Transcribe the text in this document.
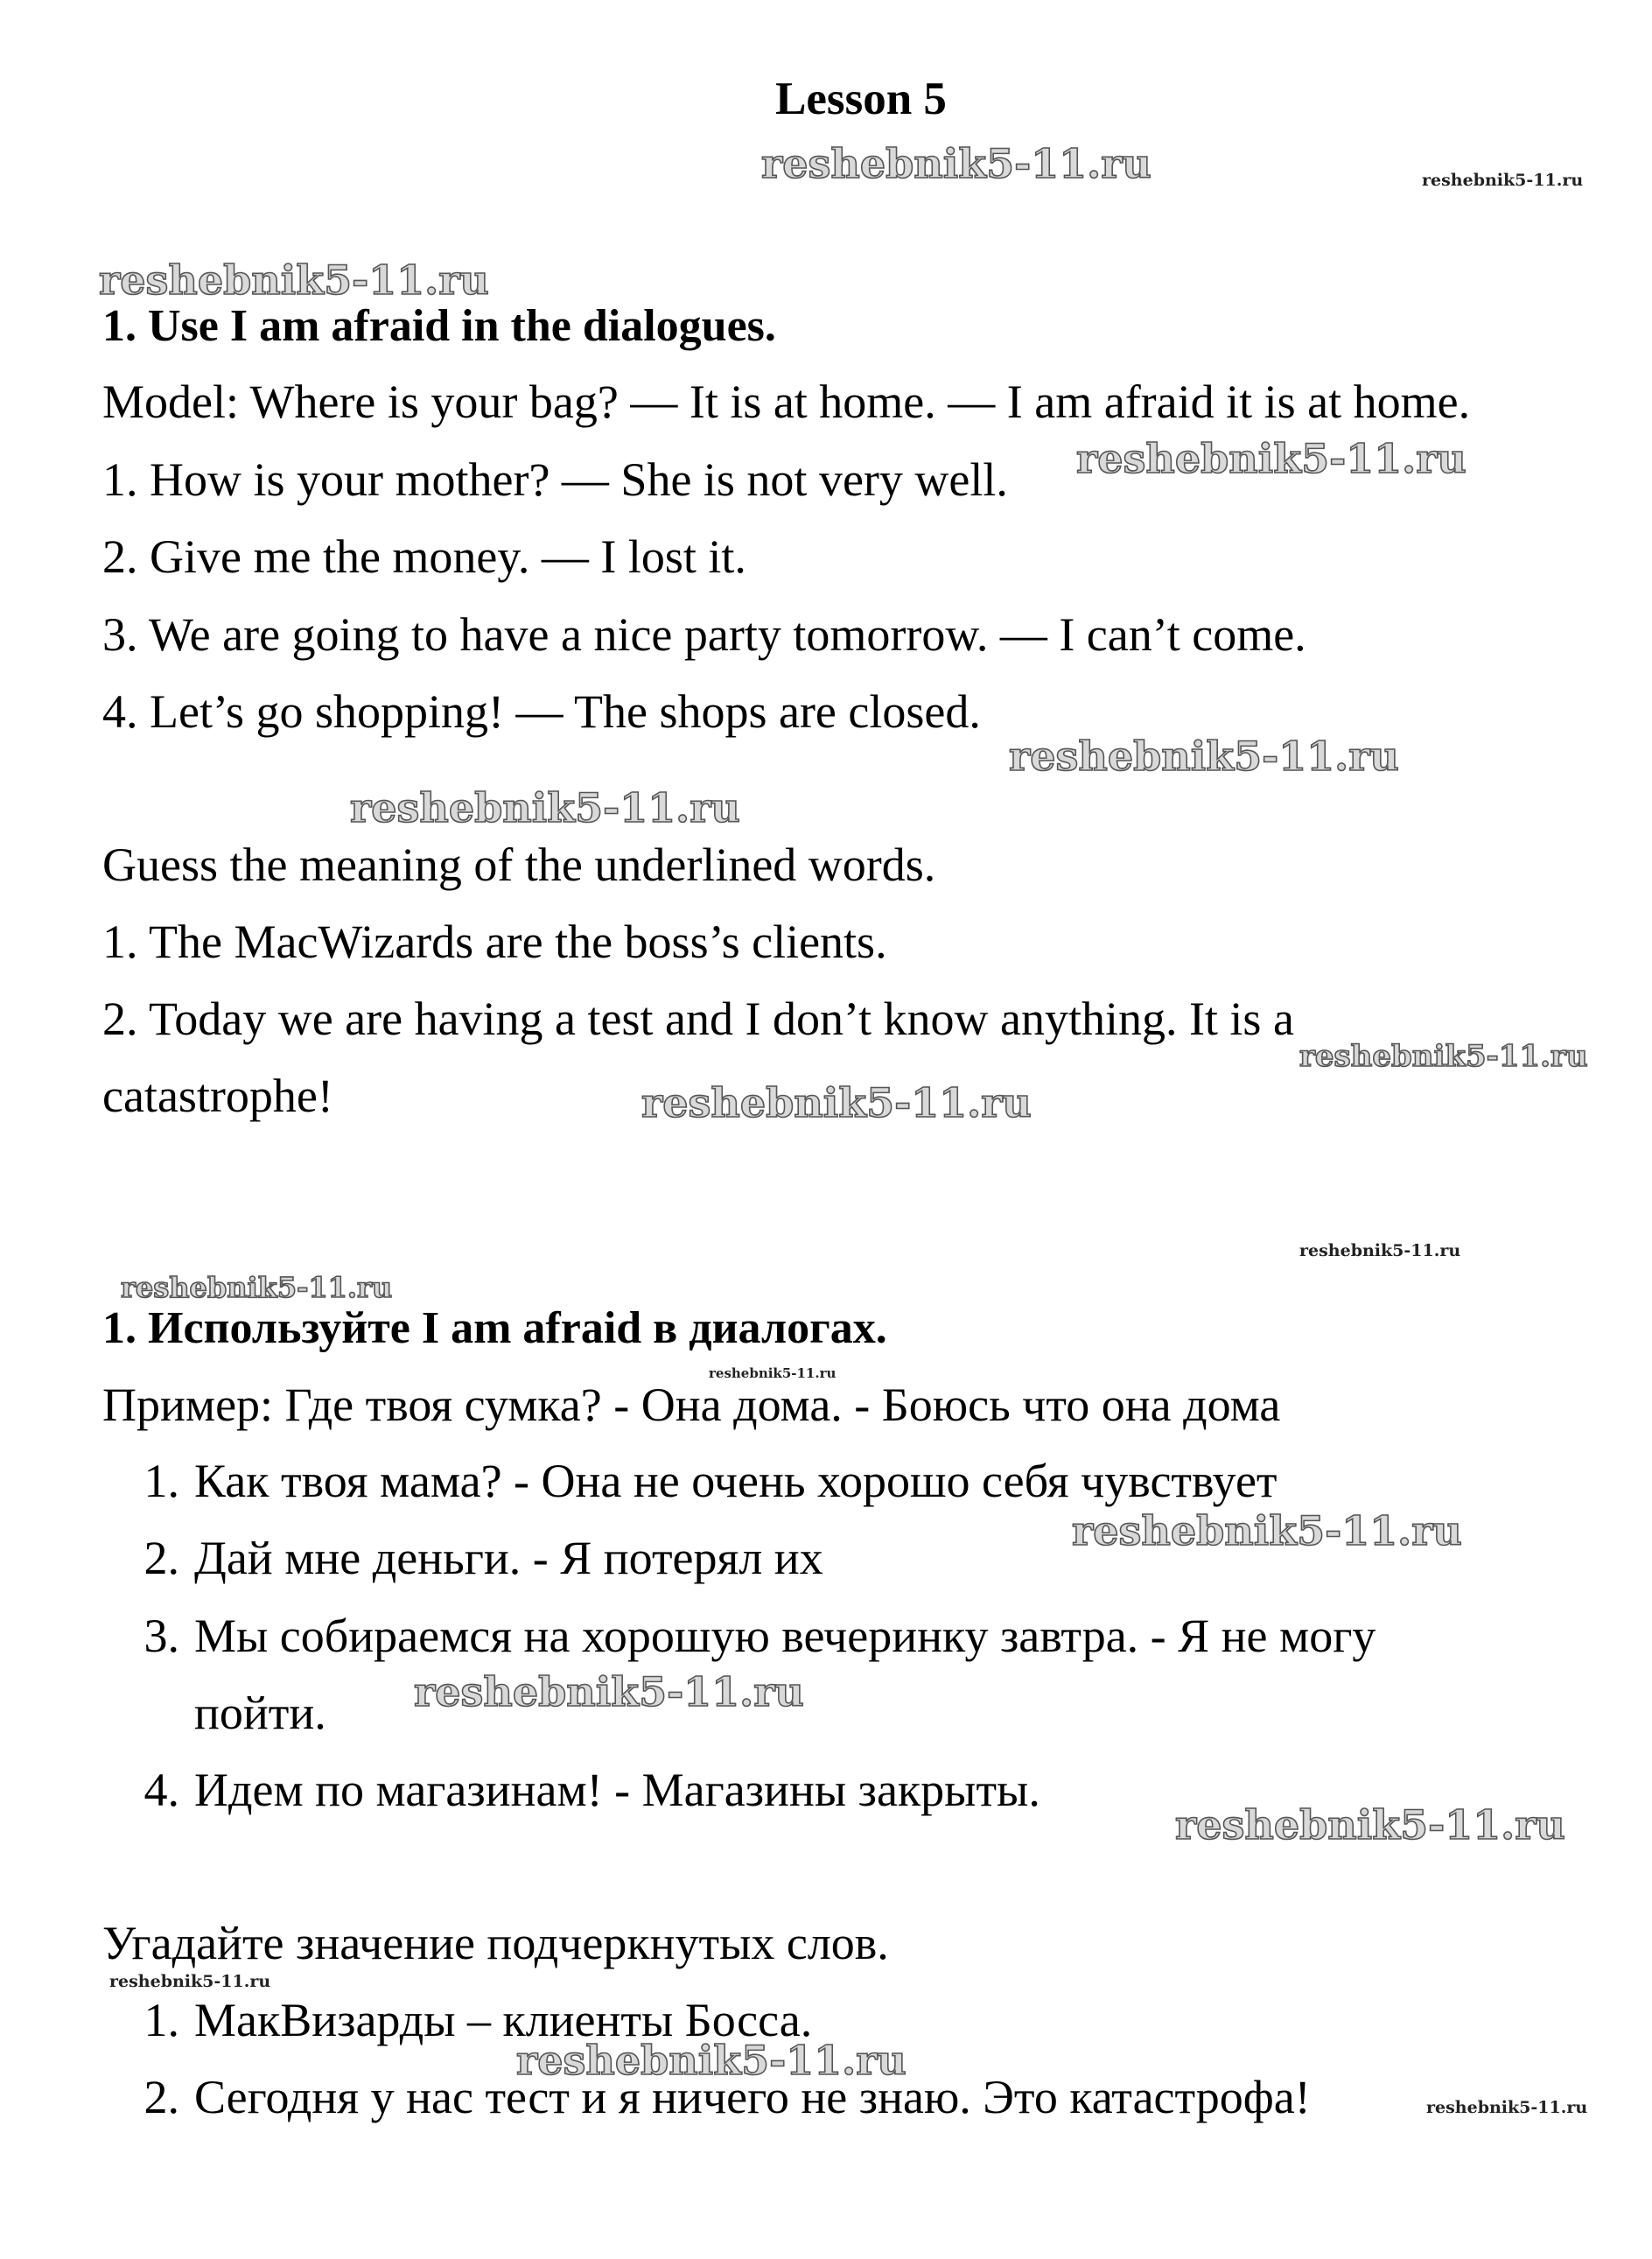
Lesson 5
reshebnik5-11.ru	reshebnik5-11.ru
reshebnik5-11.ru
reshebnik5-11.ru
reshebnik5-11.ru
reshebnik5-11.ru
reshebnik5-11.ru
reshebnik5-11.ru
reshebnik5-11.ru
reshebnik5-11.ru
reshebnik5-11.ru
reshebnik5-11.ru
reshebnik5-11.ru
reshebnik5-11.ru
reshebnik5-11.ru
reshebnik5-11.ru
reshebnik5-11.ru
1. Use I am afraid in the dialogues.
Model: Where is your bag? — It is at home. — I am afraid it is at home.
1. How is your mother? — She is not very well.
2. Give me the money. — I lost it.
3. We are going to have a nice party tomorrow. — I can’t come.
4. Let’s go shopping! — The shops are closed.
Guess the meaning of the underlined words.
1. The MacWizards are the boss’s clients.
2. Today we are having a test and I don’t know anything. It is a
catastrophe!
1. Используйте I am afraid в диалогах.
Пример: Где твоя сумка? - Она дома. - Боюсь что она дома
1. Как твоя мама? - Она не очень хорошо себя чувствует
2. Дай мне деньги. - Я потерял их
3. Мы собираемся на хорошую вечеринку завтра. - Я не могу
пойти.
4. Идем по магазинам! - Магазины закрыты.
Угадайте значение подчеркнутых слов.
1. МакВизарды – клиенты Босса.
2. Сегодня у нас тест и я ничего не знаю. Это катастрофа!
